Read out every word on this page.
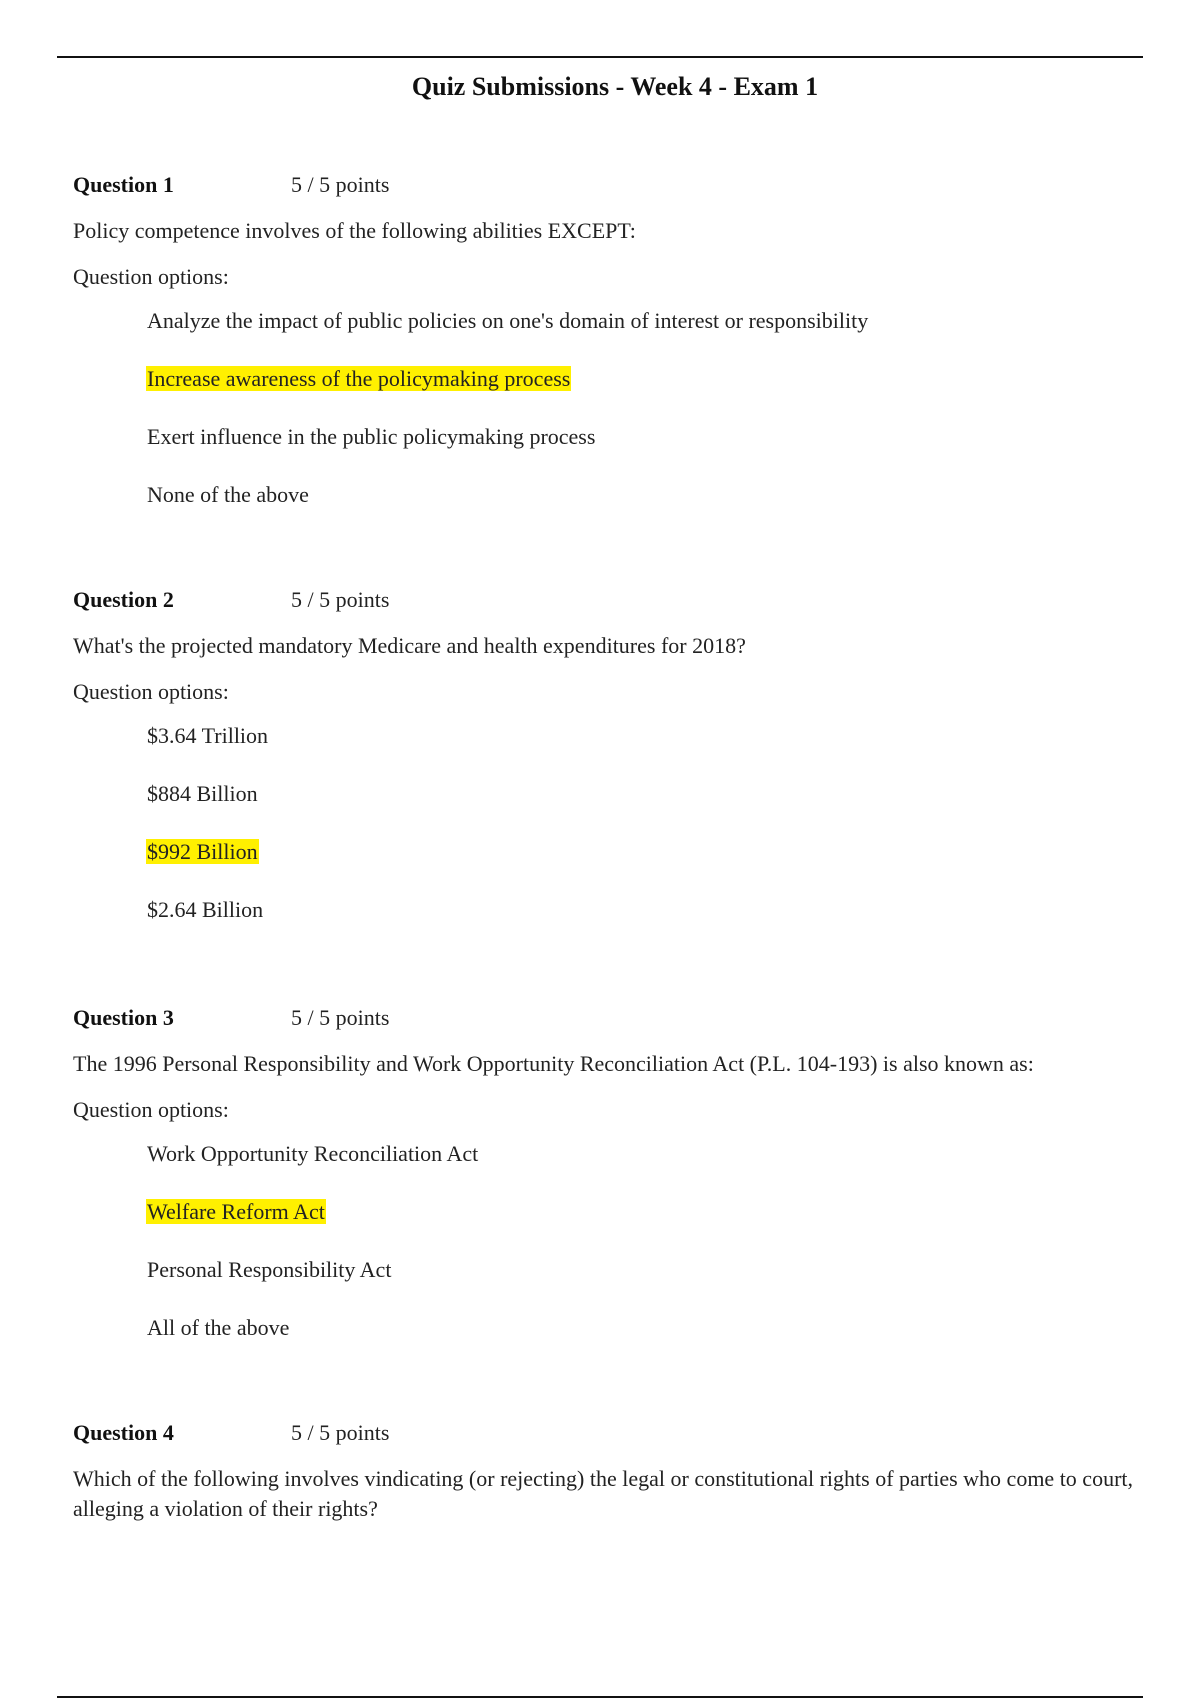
Quiz Submissions - Week 4 - Exam 1
Question 1	5 / 5 points
Policy competence involves of the following abilities EXCEPT:
Question options:
Analyze the impact of public policies on one's domain of interest or responsibility
Increase awareness of the policymaking process
Exert influence in the public policymaking process
None of the above
Question 2	5 / 5 points
What's the projected mandatory Medicare and health expenditures for 2018?
Question options:
$3.64 Trillion
$884 Billion
$992 Billion
$2.64 Billion
Question 3	5 / 5 points
The 1996 Personal Responsibility and Work Opportunity Reconciliation Act (P.L. 104-193) is also known as:
Question options:
Work Opportunity Reconciliation Act
Welfare Reform Act
Personal Responsibility Act
All of the above
Question 4	5 / 5 points
Which of the following involves vindicating (or rejecting) the legal or constitutional rights of parties who come to court, alleging a violation of their rights?
